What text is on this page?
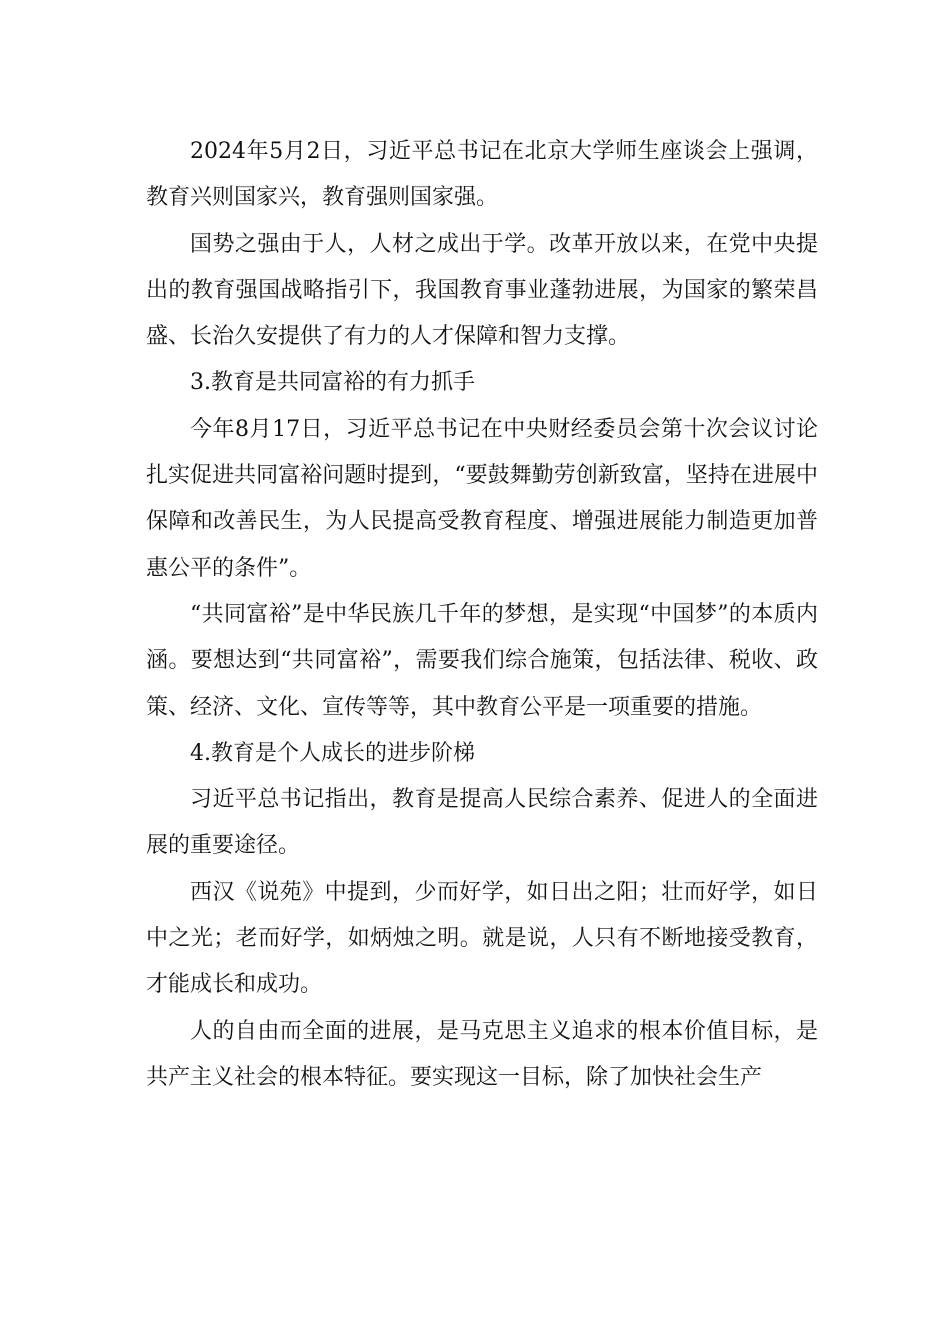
2024年5月2日，习近平总书记在北京大学师生座谈会上强调，教育兴则国家兴，教育强则国家强。

国势之强由于人，人材之成出于学。改革开放以来，在党中央提出的教育强国战略指引下，我国教育事业蓬勃进展，为国家的繁荣昌盛、长治久安提供了有力的人才保障和智力支撑。

3.教育是共同富裕的有力抓手

今年8月17日，习近平总书记在中央财经委员会第十次会议讨论扎实促进共同富裕问题时提到，“要鼓舞勤劳创新致富，坚持在进展中保障和改善民生，为人民提高受教育程度、增强进展能力制造更加普惠公平的条件”。

“共同富裕”是中华民族几千年的梦想，是实现“中国梦”的本质内涵。要想达到“共同富裕”，需要我们综合施策，包括法律、税收、政策、经济、文化、宣传等等，其中教育公平是一项重要的措施。

4.教育是个人成长的进步阶梯

习近平总书记指出，教育是提高人民综合素养、促进人的全面进展的重要途径。

西汉《说苑》中提到，少而好学，如日出之阳；壮而好学，如日中之光；老而好学，如炳烛之明。就是说，人只有不断地接受教育，才能成长和成功。

人的自由而全面的进展，是马克思主义追求的根本价值目标，是共产主义社会的根本特征。要实现这一目标，除了加快社会生产
